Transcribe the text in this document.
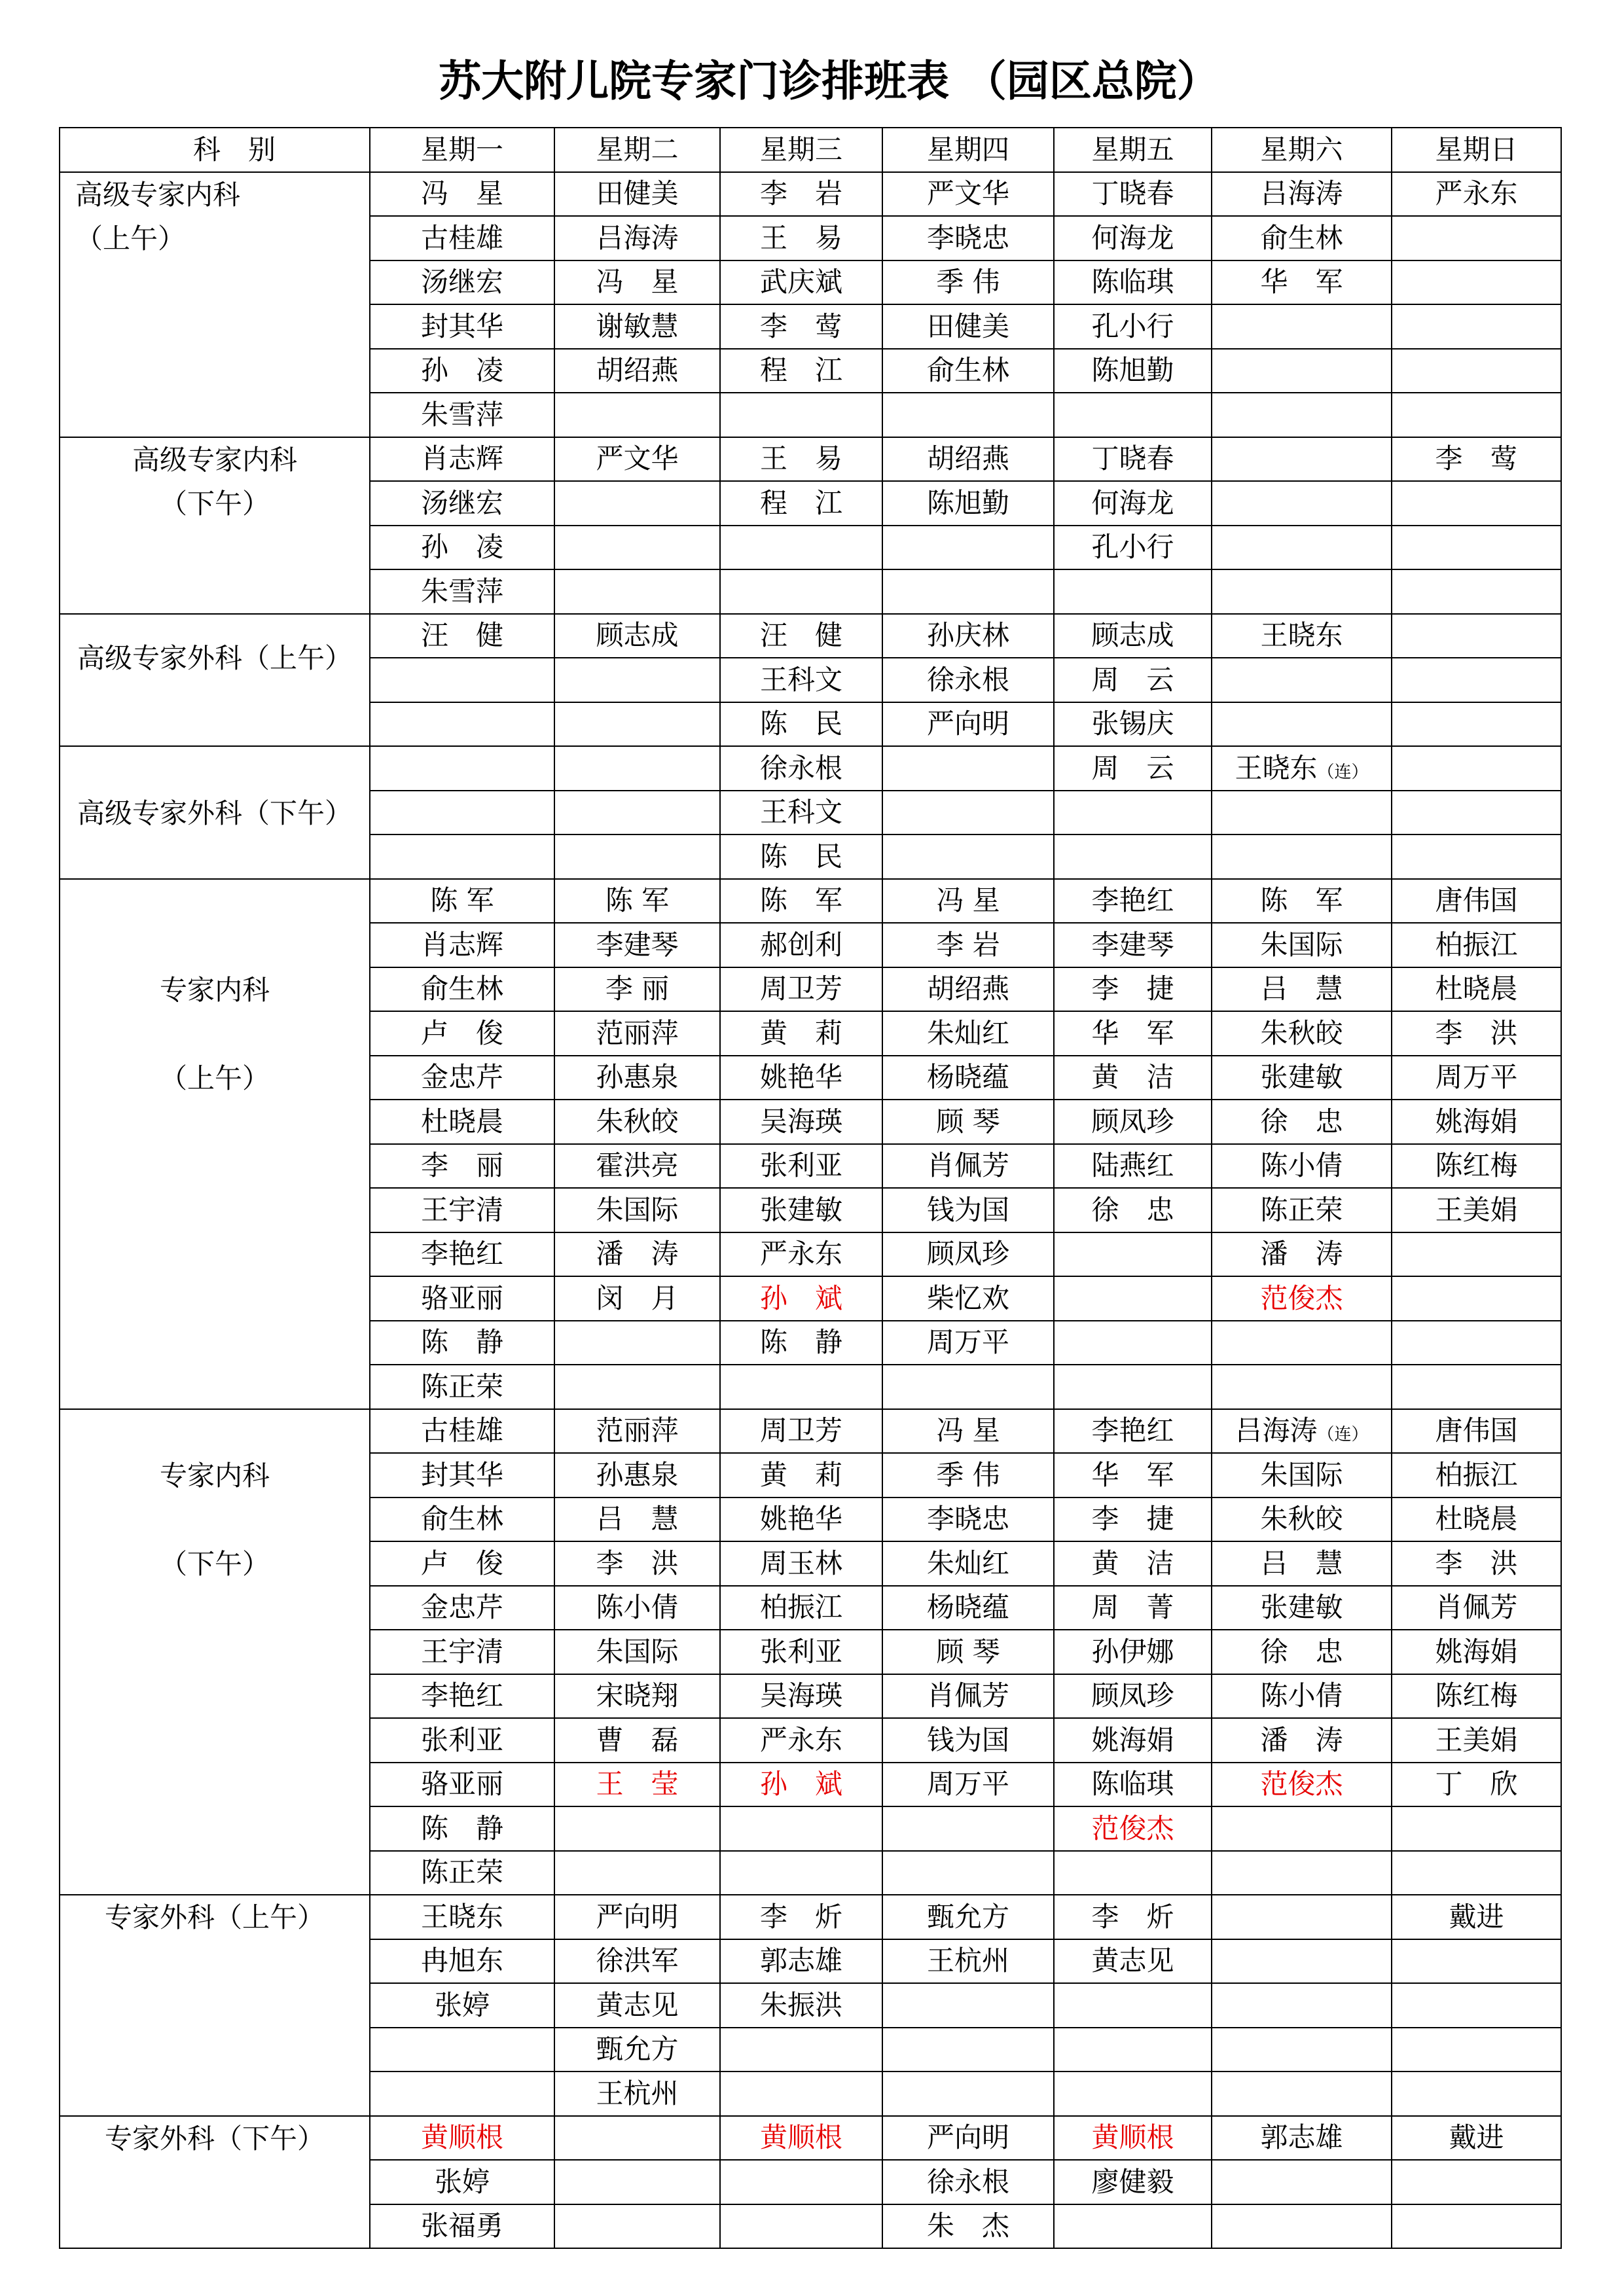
苏大附儿院专家门诊排班表 （园区总院）
科　别	星期一	星期二	星期三	星期四	星期五	星期六	星期日

高级专家内科
（上午）	冯　星	田健美	李　岩	严文华	丁晓春	吕海涛	严永东
	古桂雄	吕海涛	王　易	李晓忠	何海龙	俞生林	
	汤继宏	冯　星	武庆斌	季 伟	陈临琪	华　军	
	封其华	谢敏慧	李　莺	田健美	孔小行		
	孙　凌	胡绍燕	程　江	俞生林	陈旭勤		
	朱雪萍						

高级专家内科
（下午）	肖志辉	严文华	王　易	胡绍燕	丁晓春		李　莺
	汤继宏		程　江	陈旭勤	何海龙		
	孙　凌				孔小行		
	朱雪萍						

高级专家外科（上午）	汪　健	顾志成	汪　健	孙庆林	顾志成	王晓东	
			王科文	徐永根	周　云		
			陈　民	严向明	张锡庆		

高级专家外科（下午）			徐永根		周　云	王晓东（连）	
			王科文				
			陈　民				

专家内科
（上午）	陈 军	陈 军	陈　军	冯 星	李艳红	陈　军	唐伟国
	肖志辉	李建琴	郝创利	李 岩	李建琴	朱国际	柏振江
	俞生林	李 丽	周卫芳	胡绍燕	李　捷	吕　慧	杜晓晨
	卢　俊	范丽萍	黄　莉	朱灿红	华　军	朱秋皎	李　洪
	金忠芹	孙惠泉	姚艳华	杨晓蕴	黄　洁	张建敏	周万平
	杜晓晨	朱秋皎	吴海瑛	顾 琴	顾凤珍	徐　忠	姚海娟
	李　丽	霍洪亮	张利亚	肖佩芳	陆燕红	陈小倩	陈红梅
	王宇清	朱国际	张建敏	钱为国	徐　忠	陈正荣	王美娟
	李艳红	潘　涛	严永东	顾凤珍		潘　涛	
	骆亚丽	闵　月	孙　斌	柴忆欢		范俊杰	
	陈　静		陈　静	周万平			
	陈正荣						

专家内科
（下午）	古桂雄	范丽萍	周卫芳	冯 星	李艳红	吕海涛（连）	唐伟国
	封其华	孙惠泉	黄　莉	季 伟	华　军	朱国际	柏振江
	俞生林	吕　慧	姚艳华	李晓忠	李　捷	朱秋皎	杜晓晨
	卢　俊	李　洪	周玉林	朱灿红	黄　洁	吕　慧	李　洪
	金忠芹	陈小倩	柏振江	杨晓蕴	周　菁	张建敏	肖佩芳
	王宇清	朱国际	张利亚	顾 琴	孙伊娜	徐　忠	姚海娟
	李艳红	宋晓翔	吴海瑛	肖佩芳	顾凤珍	陈小倩	陈红梅
	张利亚	曹　磊	严永东	钱为国	姚海娟	潘　涛	王美娟
	骆亚丽	王　莹	孙　斌	周万平	陈临琪	范俊杰	丁　欣
	陈　静				范俊杰		
	陈正荣						

专家外科（上午）	王晓东	严向明	李　炘	甄允方	李　炘		戴进
	冉旭东	徐洪军	郭志雄	王杭州	黄志见		
	张婷	黄志见	朱振洪				
		甄允方					
		王杭州					

专家外科（下午）	黄顺根		黄顺根	严向明	黄顺根	郭志雄	戴进
	张婷			徐永根	廖健毅		
	张福勇			朱　杰			
